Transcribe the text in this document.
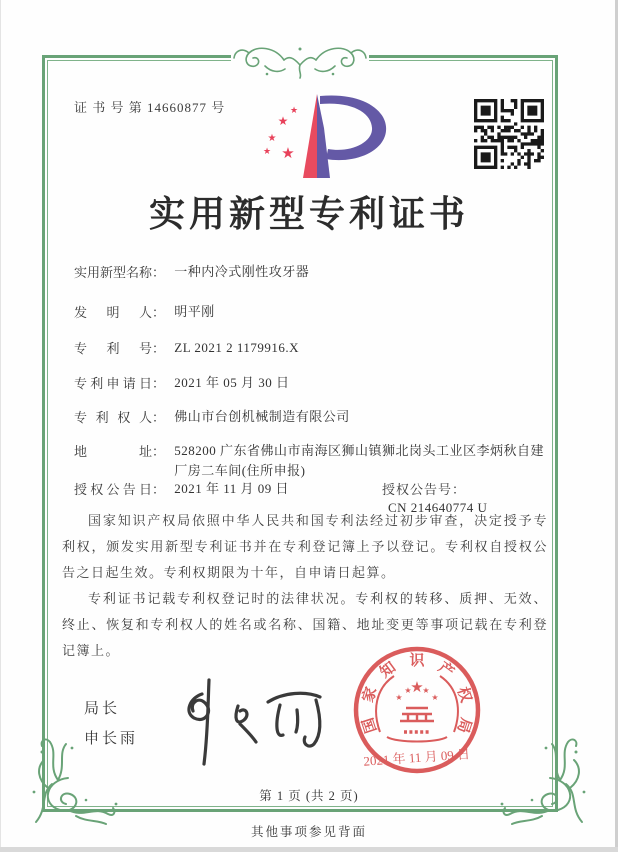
证 书 号 第 14660877 号	★
★
★
★ ★
实用新型专利证书
实用新型名称： 一种内冷式刚性攻牙器
发明人： 明平刚
专利号： ZL 2021 2 1179916.X
专利申请日： 2021 年 05 月 30 日
专利权人： 佛山市台创机械制造有限公司
地址： 528200 广东省佛山市南海区狮山镇狮北岗头工业区李炳秋自建厂房二车间(住所申报)
授权公告日： 2021 年 11 月 09 日	授权公告号： CN 214640774 U

国家知识产权局依照中华人民共和国专利法经过初步审查，决定授予专利权，颁发实用新型专利证书并在专利登记簿上予以登记。专利权自授权公告之日起生效。专利权期限为十年，自申请日起算。

专利证书记载专利权登记时的法律状况。专利权的转移、质押、无效、终止、恢复和专利权人的姓名或名称、国籍、地址变更等事项记载在专利登记簿上。

局长
申长雨
国
家
知 识 产
权
局
★
★
★ ★
★
2021 年 11 月 09 日
第 1 页 (共 2 页)
其他事项参见背面
